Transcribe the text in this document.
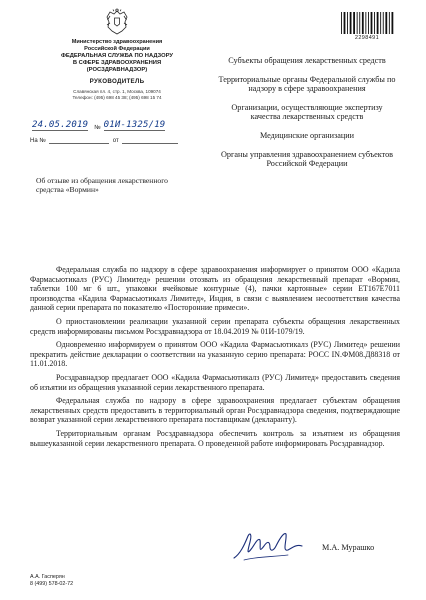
Министерство здравоохранения
Российской Федерации
ФЕДЕРАЛЬНАЯ СЛУЖБА ПО НАДЗОРУ
В СФЕРЕ ЗДРАВООХРАНЕНИЯ
(РОСЗДРАВНАДЗОР)
РУКОВОДИТЕЛЬ
Славянская пл. 4, стр. 1, Москва, 109074
Телефон: (495) 698 45 38; (495) 698 15 74
24.05.2019 № 01И-1325/19
На №	от
2298491
Субъекты обращения лекарственных средств
Территориальные органы Федеральной службы по надзору в сфере здравоохранения
Организации, осуществляющие экспертизу качества лекарственных средств
Медицинские организации
Органы управления здравоохранением субъектов Российской Федерации
Об отзыве из обращения лекарственного средства «Вормин»

Федеральная служба по надзору в сфере здравоохранения информирует о принятом ООО «Кадила Фармасьютикалз (РУС) Лимитед» решении отозвать из обращения лекарственный препарат «Вормин, таблетки 100 мг 6 шт., упаковки ячейковые контурные (4), пачки картонные» серии ET167E7011 производства «Кадила Фармасьютикалз Лимитед», Индия, в связи с выявлением несоответствия качества данной серии препарата по показателю «Посторонние примеси».

О приостановлении реализации указанной серии препарата субъекты обращения лекарственных средств информированы письмом Росздравнадзора от 18.04.2019 № 01И-1079/19.

Одновременно информируем о принятом ООО «Кадила Фармасьютикалз (РУС) Лимитед» решении прекратить действие декларации о соответствии на указанную серию препарата: РОСС IN.ФМ08.Д88318 от 11.01.2018.

Росздравнадзор предлагает ООО «Кадила Фармасьютикалз (РУС) Лимитед» предоставить сведения об изъятии из обращения указанной серии лекарственного препарата.

Федеральная служба по надзору в сфере здравоохранения предлагает субъектам обращения лекарственных средств предоставить в территориальный орган Росздравнадзора сведения, подтверждающие возврат указанной серии лекарственного препарата поставщикам (декларанту).

Территориальным органам Росздравнадзора обеспечить контроль за изъятием из обращения вышеуказанной серии лекарственного препарата. О проведенной работе информировать Росздравнадзор.

М.А. Мурашко
А.А. Гасперян
8 (499) 578-02-72
